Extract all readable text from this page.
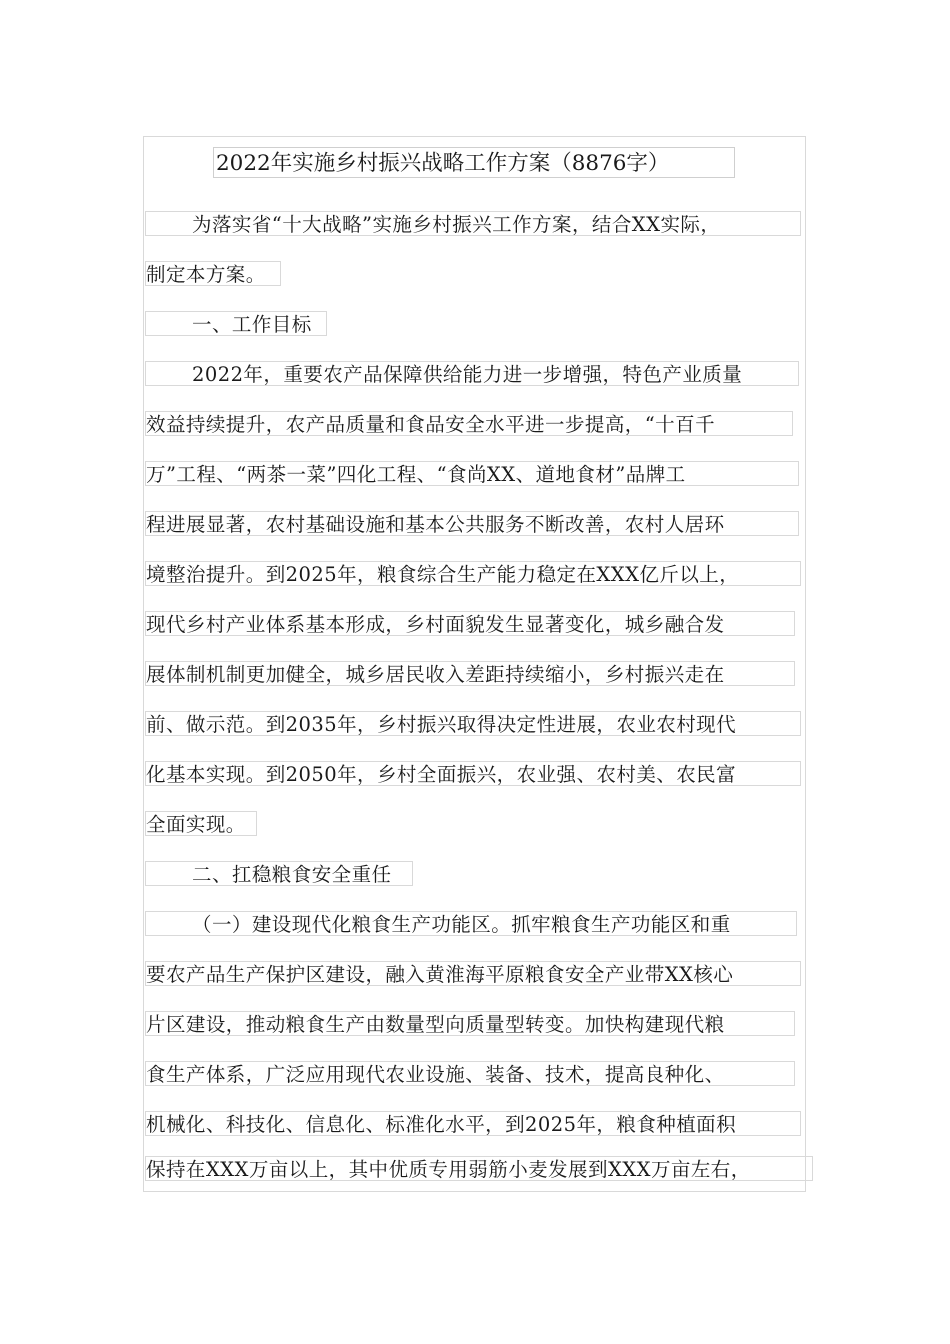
2022年实施乡村振兴战略工作方案（8876字）
为落实省“十大战略”实施乡村振兴工作方案，结合XX实际，
制定本方案。
一、工作目标
2022年，重要农产品保障供给能力进一步增强，特色产业质量
效益持续提升，农产品质量和食品安全水平进一步提高，“十百千
万”工程、“两茶一菜”四化工程、“食尚XX、道地食材”品牌工
程进展显著，农村基础设施和基本公共服务不断改善，农村人居环
境整治提升。到2025年，粮食综合生产能力稳定在XXX亿斤以上，
现代乡村产业体系基本形成，乡村面貌发生显著变化，城乡融合发
展体制机制更加健全，城乡居民收入差距持续缩小，乡村振兴走在
前、做示范。到2035年，乡村振兴取得决定性进展，农业农村现代
化基本实现。到2050年，乡村全面振兴，农业强、农村美、农民富
全面实现。
二、扛稳粮食安全重任
（一）建设现代化粮食生产功能区。抓牢粮食生产功能区和重
要农产品生产保护区建设，融入黄淮海平原粮食安全产业带XX核心
片区建设，推动粮食生产由数量型向质量型转变。加快构建现代粮
食生产体系，广泛应用现代农业设施、装备、技术，提高良种化、
机械化、科技化、信息化、标准化水平，到2025年，粮食种植面积
保持在XXX万亩以上，其中优质专用弱筋小麦发展到XXX万亩左右，
